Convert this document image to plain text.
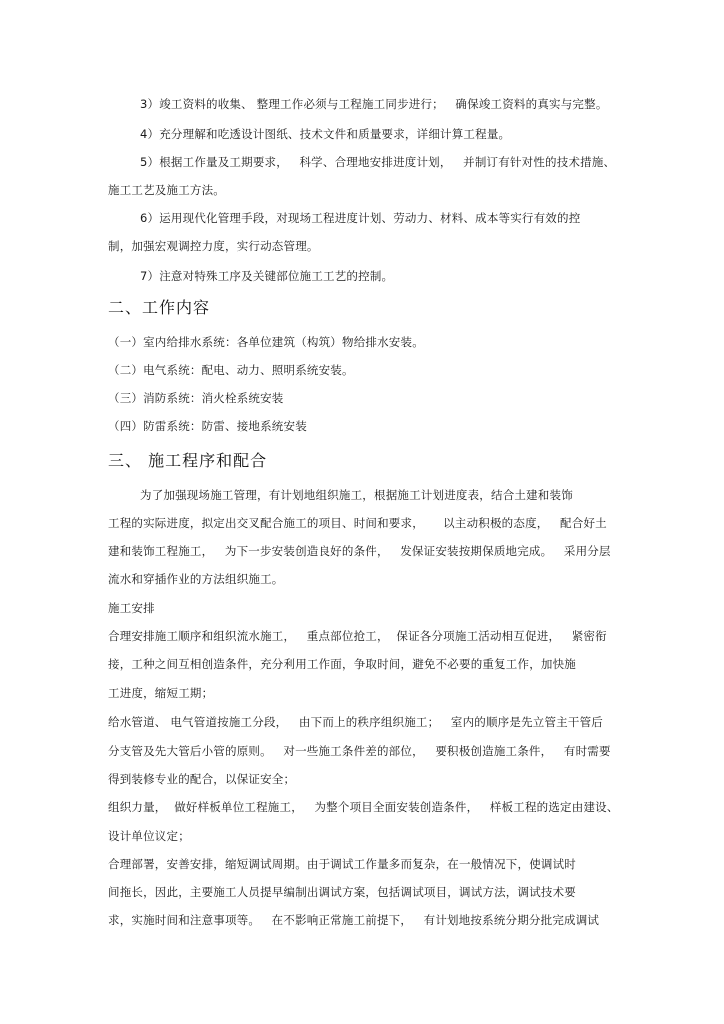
3）竣工资料的收集、 整理工作必须与工程施工同步进行；   确保竣工资料的真实与完整。
4）充分理解和吃透设计图纸、技术文件和质量要求，详细计算工程量。
5）根据工作量及工期要求，   科学、合理地安排进度计划，   并制订有针对性的技术措施、
施工工艺及施工方法。
6）运用现代化管理手段，对现场工程进度计划、劳动力、材料、成本等实行有效的控
制，加强宏观调控力度，实行动态管理。
7）注意对特殊工序及关键部位施工工艺的控制。
二、工作内容
（一）室内给排水系统：各单位建筑（构筑）物给排水安装。
（二）电气系统：配电、动力、照明系统安装。
（三）消防系统：消火栓系统安装
（四）防雷系统：防雷、接地系统安装
三、 施工程序和配合
为了加强现场施工管理，有计划地组织施工，根据施工计划进度表，结合土建和装饰
工程的实际进度，拟定出交叉配合施工的项目、时间和要求，     以主动积极的态度，   配合好土
建和装饰工程施工，   为下一步安装创造良好的条件，   发保证安装按期保质地完成。   采用分层
流水和穿插作业的方法组织施工。
施工安排
合理安排施工顺序和组织流水施工，   重点部位抢工，  保证各分项施工活动相互促进，   紧密衔
接，工种之间互相创造条件，充分利用工作面，争取时间，避免不必要的重复工作，加快施
工进度，缩短工期；
给水管道、 电气管道按施工分段，   由下而上的秩序组织施工；   室内的顺序是先立管主干管后
分支管及先大管后小管的原则。   对一些施工条件差的部位，   要积极创造施工条件，   有时需要
得到装修专业的配合，以保证安全；
组织力量，  做好样板单位工程施工，   为整个项目全面安装创造条件，   样板工程的选定由建设、
设计单位议定；
合理部署，安善安排，缩短调试周期。由于调试工作量多而复杂，在一般情况下，使调试时
间拖长，因此，主要施工人员提早编制出调试方案，包括调试项目，调试方法，调试技术要
求，实施时间和注意事项等。   在不影响正常施工前提下，   有计划地按系统分期分批完成调试
